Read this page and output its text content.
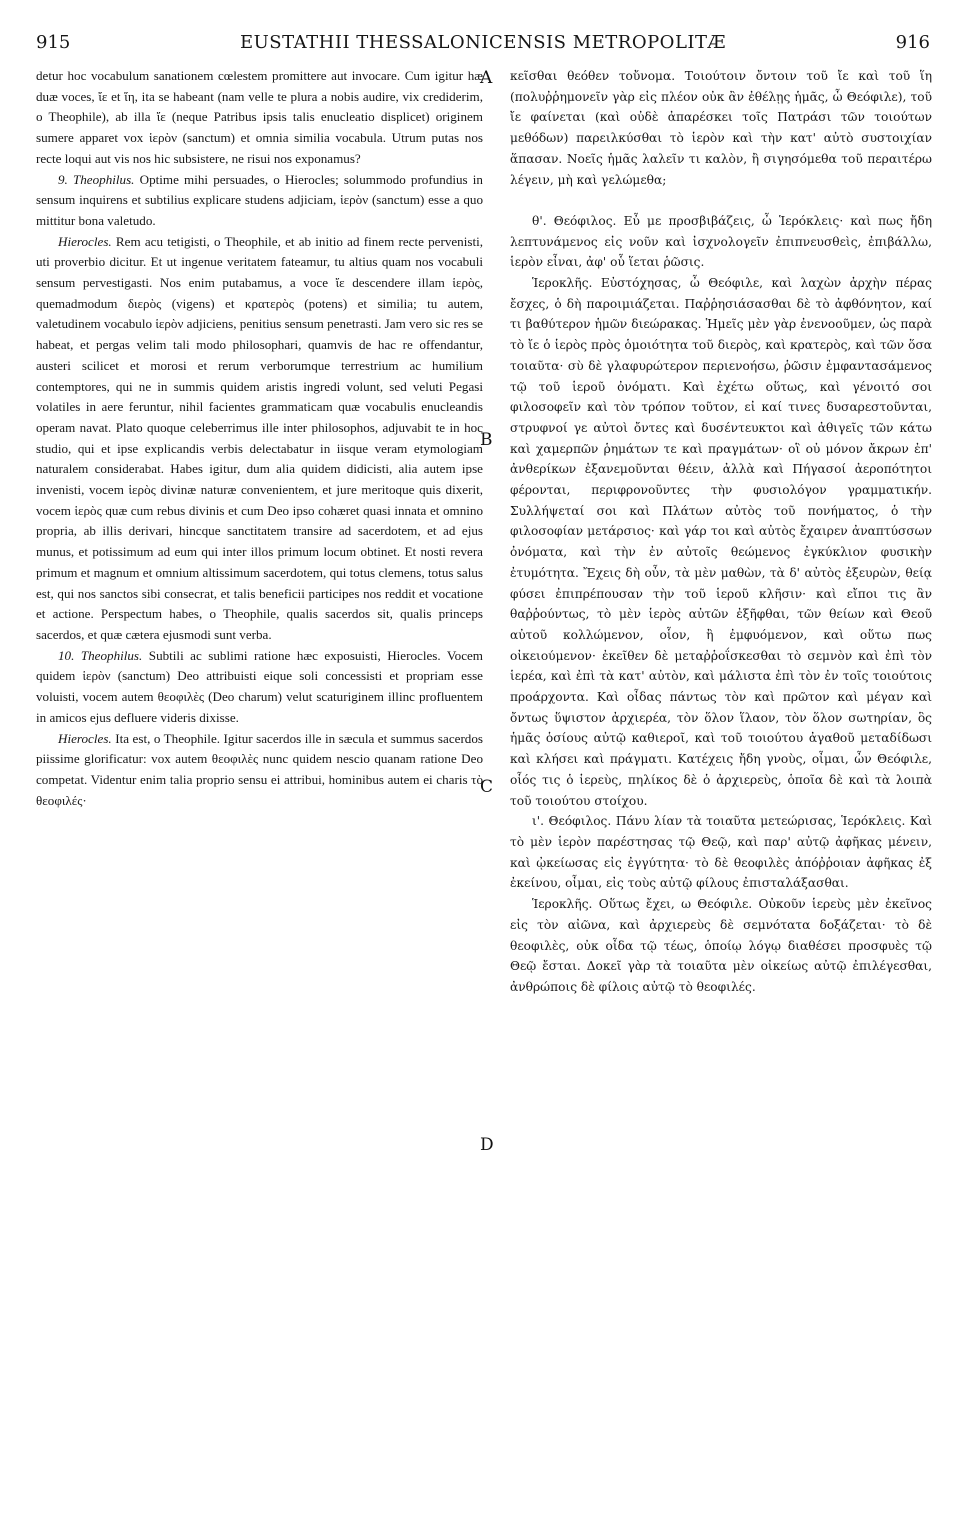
915	EUSTATHII THESSALONICENSIS METROPOLITÆ	916

detur hoc vocabulum sanationem cœlestem promittere aut invocare. Cum igitur hæ duæ voces, ἴε et ἵη, ita se habeant (nam velle te plura a nobis audire, vix crediderim, o Theophile), ab illa ἴε (neque Patribus ipsis talis enucleatio displicet) originem sumere apparet vox ἱερὸν (sanctum) et omnia similia vocabula. Utrum putas nos recte loqui aut vis nos hic subsistere, ne risui nos exponamus?

9. Theophilus. Optime mihi persuades, o Hierocles; solummodo profundius in sensum inquirens et subtilius explicare studens adjiciam, ἱερὸν (sanctum) esse a quo mittitur bona valetudo.

Hierocles. Rem acu tetigisti, o Theophile, et ab initio ad finem recte pervenisti, uti proverbio dicitur. Et ut ingenue veritatem fateamur, tu altius quam nos vocabuli sensum pervestigasti. Nos enim putabamus, a voce ἴε descendere illam ἱερὸς, quemadmodum διερὸς (vigens) et κρατερὸς (potens) et similia; tu autem, valetudinem vocabulo ἱερὸν adjiciens, penitius sensum penetrasti. Jam vero sic res se habeat, et pergas velim tali modo philosophari, quamvis de hac re offendantur, austeri scilicet et morosi et rerum verborumque terrestrium ac humilium contemptores, qui ne in summis quidem aristis ingredi volunt, sed veluti Pegasi volatiles in aere feruntur, nihil facientes grammaticam quæ vocabulis enucleandis operam navat. Plato quoque celeberrimus ille inter philosophos, adjuvabit te in hoc studio, qui et ipse explicandis verbis delectabatur in iisque veram etymologiam naturalem considerabat. Habes igitur, dum alia quidem didicisti, alia autem ipse invenisti, vocem ἱερὸς divinæ naturæ convenientem, et jure meritoque quis dixerit, vocem ἱερὸς quæ cum rebus divinis et cum Deo ipso cohæret quasi innata et omnino propria, ab illis derivari, hincque sanctitatem transire ad sacerdotem, et ad ejus munus, et potissimum ad eum qui inter illos primum locum obtinet. Et nosti revera primum et magnum et omnium altissimum sacerdotem, qui totus clemens, totus salus est, qui nos sanctos sibi consecrat, et talis beneficii participes nos reddit et vocatione et actione. Perspectum habes, o Theophile, qualis sacerdos sit, qualis princeps sacerdos, et quæ cætera ejusmodi sunt verba.

10. Theophilus. Subtili ac sublimi ratione hæc exposuisti, Hierocles. Vocem quidem ἱερὸν (sanctum) Deo attribuisti eique soli concessisti et propriam esse voluisti, vocem autem θεοφιλὲς (Deo charum) velut scaturiginem illinc profluentem in amicos ejus defluere videris dixisse.

Hierocles. Ita est, o Theophile. Igitur sacerdos ille in sæcula et summus sacerdos piissime glorificatur: vox autem θεοφιλὲς nunc quidem nescio quanam ratione Deo competat. Videntur enim talia proprio sensu ei attribui, hominibus autem ei charis τὸ θεοφιλές·

A
B
C
D

κεῖσθαι θεόθεν τοὔνομα. Τοιούτοιν ὄντοιν τοῦ ἴε καὶ τοῦ ἵη (πολυῤῥημονεῖν γὰρ εἰς πλέον οὐκ ἂν ἐθέλῃς ἡμᾶς, ὦ Θεόφιλε), τοῦ ἴε φαίνεται (καὶ οὐδὲ ἀπαρέσκει τοῖς Πατράσι τῶν τοιούτων μεθόδων) παρειλκύσθαι τὸ ἱερὸν καὶ τὴν κατ' αὐτὸ συστοιχίαν ἅπασαν. Νοεῖς ἡμᾶς λαλεῖν τι καλὸν, ἢ σιγησόμεθα τοῦ περαιτέρω λέγειν, μὴ καὶ γελώμεθα;

θ'. Θεόφιλος. Εὖ με προσβιβάζεις, ὦ Ἱερόκλεις· καὶ πως ἤδη λεπτυνάμενος εἰς νοῦν καὶ ἰσχνολογεῖν ἐπιπνευσθεὶς, ἐπιβάλλω, ἱερὸν εἶναι, ἀφ' οὗ ἵεται ῥῶσις.

Ἱεροκλῆς. Εὐστόχησας, ὦ Θεόφιλε, καὶ λαχὼν ἀρχὴν πέρας ἔσχες, ὁ δὴ παροιμιάζεται. Παῤῥησιάσασθαι δὲ τὸ ἀφθόνητον, καί τι βαθύτερον ἡμῶν διεώρακας. Ἡμεῖς μὲν γὰρ ἐνενοοῦμεν, ὡς παρὰ τὸ ἴε ὁ ἱερὸς πρὸς ὁμοιότητα τοῦ διερὸς, καὶ κρατερὸς, καὶ τῶν ὅσα τοιαῦτα· σὺ δὲ γλαφυρώτερον περιενοήσω, ῥῶσιν ἐμφαντασάμενος τῷ τοῦ ἱεροῦ ὀνόματι. Καὶ ἐχέτω οὕτως, καὶ γένοιτό σοι φιλοσοφεῖν καὶ τὸν τρόπον τοῦτον, εἰ καί τινες δυσαρεστοῦνται, στρυφνοί γε αὐτοὶ ὄντες καὶ δυσέντευκτοι καὶ ἀθιγεῖς τῶν κάτω καὶ χαμερπῶν ῥημάτων τε καὶ πραγμάτων· οἳ οὐ μόνον ἄκρων ἐπ' ἀνθερίκων ἐξανεμοῦνται θέειν, ἀλλὰ καὶ Πήγασοί ἀεροπότητοι φέρονται, περιφρονοῦντες τὴν φυσιολόγον γραμματικήν. Συλλήψεταί σοι καὶ Πλάτων αὐτὸς τοῦ πονήματος, ὁ τὴν φιλοσοφίαν μετάρσιος· καὶ γάρ τοι καὶ αὐτὸς ἔχαιρεν ἀναπτύσσων ὀνόματα, καὶ τὴν ἐν αὐτοῖς θεώμενος ἐγκύκλιον φυσικὴν ἐτυμότητα. Ἔχεις δὴ οὖν, τὰ μὲν μαθὼν, τὰ δ' αὐτὸς ἐξευρὼν, θείᾳ φύσει ἐπιπρέπουσαν τὴν τοῦ ἱεροῦ κλῆσιν· καὶ εἴποι τις ἂν θαῤῥούντως, τὸ μὲν ἱερὸς αὐτῶν ἐξῆφθαι, τῶν θείων καὶ Θεοῦ αὐτοῦ κολλώμενον, οἷον, ἢ ἐμφυόμενον, καὶ οὕτω πως οἰκειούμενον· ἐκεῖθεν δὲ μεταῤῥοΐσκεσθαι τὸ σεμνὸν καὶ ἐπὶ τὸν ἱερέα, καὶ ἐπὶ τὰ κατ' αὐτὸν, καὶ μάλιστα ἐπὶ τὸν ἐν τοῖς τοιούτοις προάρχοντα. Καὶ οἶδας πάντως τὸν καὶ πρῶτον καὶ μέγαν καὶ ὄντως ὕψιστον ἀρχιερέα, τὸν ὅλον ἵλαον, τὸν ὅλον σωτηρίαν, ὃς ἡμᾶς ὁσίους αὐτῷ καθιεροῖ, καὶ τοῦ τοιούτου ἀγαθοῦ μεταδίδωσι καὶ κλήσει καὶ πράγματι. Κατέχεις ἤδη γνοὺς, οἶμαι, ὦν Θεόφιλε, οἷός τις ὁ ἱερεὺς, πηλίκος δὲ ὁ ἀρχιερεὺς, ὁποῖα δὲ καὶ τὰ λοιπὰ τοῦ τοιούτου στοίχου.

ι'. Θεόφιλος. Πάνυ λίαν τὰ τοιαῦτα μετεώρισας, Ἱερόκλεις. Καὶ τὸ μὲν ἱερὸν παρέστησας τῷ Θεῷ, καὶ παρ' αὐτῷ ἀφῆκας μένειν, καὶ ᾠκείωσας εἰς ἐγγύτητα· τὸ δὲ θεοφιλὲς ἀπόῤῥοιαν ἀφῆκας ἐξ ἐκείνου, οἶμαι, εἰς τοὺς αὐτῷ φίλους ἐπισταλάξασθαι.

Ἱεροκλῆς. Οὕτως ἔχει, ω Θεόφιλε. Οὐκοῦν ἱερεὺς μὲν ἐκεῖνος εἰς τὸν αἰῶνα, καὶ ἀρχιερεὺς δὲ σεμνότατα δοξάζεται· τὸ δὲ θεοφιλὲς, οὐκ οἶδα τῷ τέως, ὁποίῳ λόγῳ διαθέσει προσφυὲς τῷ Θεῷ ἔσται. Δοκεῖ γὰρ τὰ τοιαῦτα μὲν οἰκείως αὐτῷ ἐπιλέγεσθαι, ἀνθρώποις δὲ φίλοις αὐτῷ τὸ θεοφιλές.
